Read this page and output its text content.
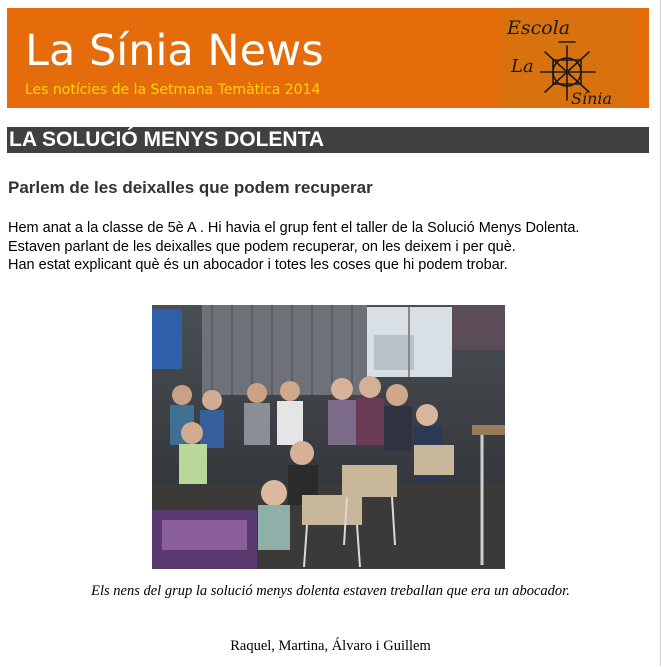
La Sínia News
Les notícies de la Setmana Temàtica 2014
Escola
La
Sínia
LA SOLUCIÓ MENYS DOLENTA
Parlem de les deixalles que podem recuperar
Hem anat a la classe de 5è A . Hi havia el grup fent el taller de la Solució Menys Dolenta.
Estaven parlant de les deixalles que podem recuperar, on les deixem i per què.
Han estat explicant què és un abocador i totes les coses que hi podem trobar.
Els nens del grup la solució menys dolenta estaven treballan que era un abocador.
Raquel, Martina, Álvaro i Guillem
